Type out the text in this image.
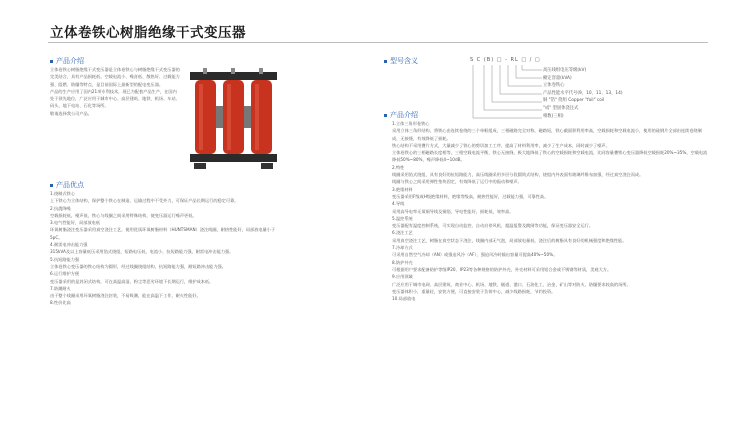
立体卷铁心树脂绝缘干式变压器
产品介绍

立体卷铁心树脂绝缘干式变压器是立体卷铁心与树脂绝缘干式变压器的完美结合，具有产品损耗低、空载电流小、噪音低、散热好、过载能力强、阻燃、防爆等特点，是目前国际上最新型的配电变压器。

产品的生产应用了国内21项专利技术，现已为配套产品生产，在国内处于领先地位，广泛应用于城市中心、高层建筑、地铁、机场、车站、码头、地下电站、石化等场所。

敬请选择我公司产品。

产品优点

1.绕制式铁心

上下铁心为立体结构，保护整个铁心在制造、运输过程中不受外力，可保证产品长期运行的稳定可靠。

2.抗震降噪

空载损耗低，噪声低，铁心与线圈之间采用特殊结构，使变压器运行噪声更低。

3.电气性能好，局部放电低

环氧树脂浇注变压器采用真空浇注工艺，使用优质环氧树脂材料（HUNTSMAN）浇注线圈，耐热性能好，局部放电量小于5pC。

4.耐雷电冲击能力强

315kVA及以上容量低压采用箔式绕组，短路电压低，电流小，抗短路能力强，耐雷电冲击能力强。

5.抗短路能力强

立体卷铁心变压器的铁心结构为圆形，经过线圈绕组结构，抗短路能力强，耐短路冲击能力强。

6.运行维护方便

变压器采用的是封闭式结构，可在高温高湿、粉尘等恶劣环境下长期运行，维护成本低。

7.防潮耐火

由于整个线圈采用环氧树脂浇注封装，不易吸潮，能在高温下工作，耐火性能好。

8.性价比高

型号含义	S C (B) □ - RL □ / □
高压线组电压等级(kV)
额定容量(kVA)
立体卷铁心
产品性能水平代号(9、10、11、13、14)
铜 "箔" 绕组 Copper "foil" coil
"成" 型固体浇注式
相数(三相)
产品介绍

1.立体三角形卷铁心

采用立体三角形结构，将铁心由连续卷绕的三个单框组成，三相磁路完全对称，磁路短，铁心截面积利用率高，空载损耗和空载电流小，使用的硅钢片全部由连续卷绕制成，无接缝，有效降低了损耗。

铁心结构不采用叠片方式，大量减少了铁心的剪切加工工序，提高了材料利用率，减少了生产成本，同时减少了噪声。

立体卷铁心的三相磁路长度相等，三相空载电流平衡，铁心无接缝，极大地降低了铁心的空载损耗和空载电流，比同容量叠铁心变压器降低空载损耗20%~35%，空载电流降低50%~80%，噪声降低4~10dB。

2.特性

线圈采用箔式绕组，具有良好的抗短路能力，高压线圈采用多层分段圆筒式结构，绕组内外表面有玻璃纤维布加强，经过真空浇注而成。

线圈与铁心之间采用弹性垫块固定，有效降低了运行中的振动和噪声。

3.绝缘材料

变压器采用F级或H级绝缘材料，绝缘等级高，耐热性能好，过载能力强，可靠性高。

4.导线

采用高导电率无氧铜导线及铜箔，导电性能好，损耗低，效率高。

5.温控系统

变压器配有温度控制系统，可实现自动监控、自动启停风机、超温报警及跳闸等功能，保证变压器安全运行。

6.浇注工艺

采用真空浇注工艺，树脂在真空状态下浇注，线圈内部无气泡，局部放电量低，浇注后的树脂具有良好的机械强度和绝缘性能。

7.冷却方式

可采用自然空气冷却（AN）或强迫风冷（AF），强迫风冷时输出容量可提高40%~50%。

8.防护外壳

可根据用户要求配备防护等级IP20、IP23等各种规格的防护外壳，外壳材料可采用铝合金或不锈钢等材质，美观大方。

9.应用领域

广泛应用于城市电网、高层建筑、商业中心、机场、地铁、隧道、港口、石油化工、冶金、矿山等对防火、防爆要求较高的场所。

变压器体积小，重量轻，安装方便，可直接安装于负荷中心，减少线路损耗，节约投资。

10.局部放电
